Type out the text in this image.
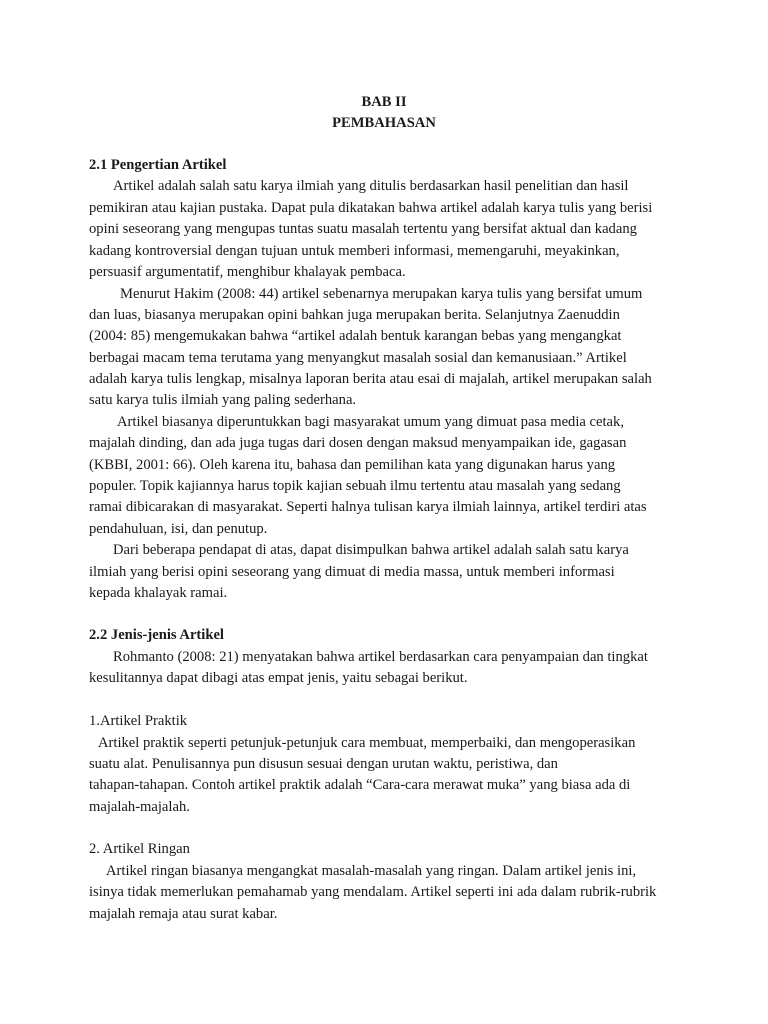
BAB II
PEMBAHASAN
2.1 Pengertian Artikel
Artikel adalah salah satu karya ilmiah yang ditulis berdasarkan hasil penelitian dan hasil
pemikiran atau kajian pustaka. Dapat pula dikatakan bahwa artikel adalah karya tulis yang berisi
opini seseorang yang mengupas tuntas suatu masalah tertentu yang bersifat aktual dan kadang
kadang kontroversial dengan tujuan untuk memberi informasi, memengaruhi, meyakinkan,
persuasif argumentatif, menghibur khalayak pembaca.
Menurut Hakim (2008: 44) artikel sebenarnya merupakan karya tulis yang bersifat umum
dan luas, biasanya merupakan opini bahkan juga merupakan berita. Selanjutnya Zaenuddin
(2004: 85) mengemukakan bahwa “artikel adalah bentuk karangan bebas yang mengangkat
berbagai macam tema terutama yang menyangkut masalah sosial dan kemanusiaan.” Artikel
adalah karya tulis lengkap, misalnya laporan berita atau esai di majalah, artikel merupakan salah
satu karya tulis ilmiah yang paling sederhana.
Artikel biasanya diperuntukkan bagi masyarakat umum yang dimuat pasa media cetak,
majalah dinding, dan ada juga tugas dari dosen dengan maksud menyampaikan ide, gagasan
(KBBI, 2001: 66). Oleh karena itu, bahasa dan pemilihan kata yang digunakan harus yang
populer. Topik kajiannya harus topik kajian sebuah ilmu tertentu atau masalah yang sedang
ramai dibicarakan di masyarakat. Seperti halnya tulisan karya ilmiah lainnya, artikel terdiri atas
pendahuluan, isi, dan penutup.
Dari beberapa pendapat di atas, dapat disimpulkan bahwa artikel adalah salah satu karya
ilmiah yang berisi opini seseorang yang dimuat di media massa, untuk memberi informasi
kepada khalayak ramai.
2.2 Jenis-jenis Artikel
Rohmanto (2008: 21) menyatakan bahwa artikel berdasarkan cara penyampaian dan tingkat
kesulitannya dapat dibagi atas empat jenis, yaitu sebagai berikut.
1.Artikel Praktik
Artikel praktik seperti petunjuk-petunjuk cara membuat, memperbaiki, dan mengoperasikan
suatu alat. Penulisannya pun disusun sesuai dengan urutan waktu, peristiwa, dan
tahapan-tahapan. Contoh artikel praktik adalah “Cara-cara merawat muka” yang biasa ada di
majalah-majalah.
2. Artikel Ringan
Artikel ringan biasanya mengangkat masalah-masalah yang ringan. Dalam artikel jenis ini,
isinya tidak memerlukan pemahamab yang mendalam. Artikel seperti ini ada dalam rubrik-rubrik
majalah remaja atau surat kabar.
